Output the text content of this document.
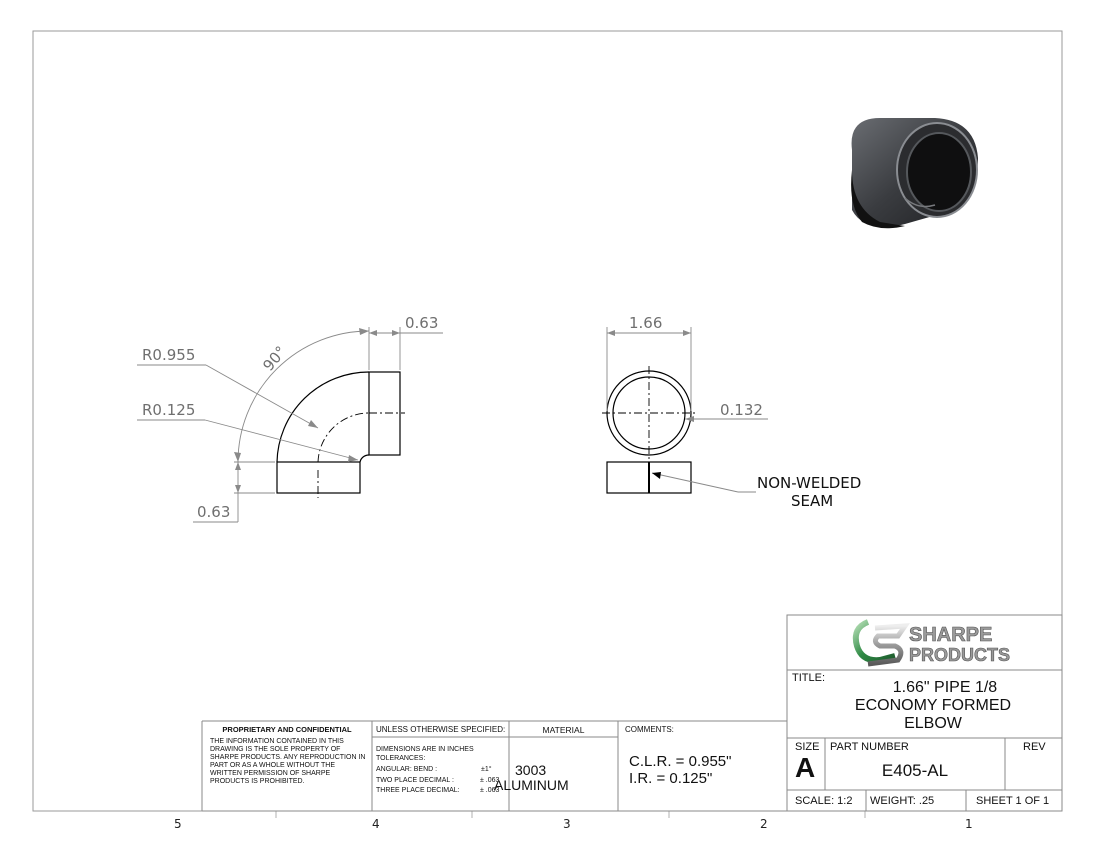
90°
0.63
0.63
R0.955
R0.125
1.66
0.132
NON-WELDED
SEAM
SHARPE
PRODUCTS
5	4	3	2	1
PROPRIETARY AND CONFIDENTIAL
THE INFORMATION CONTAINED IN THIS DRAWING IS THE SOLE PROPERTY OF SHARPE PRODUCTS. ANY REPRODUCTION IN PART OR AS A WHOLE WITHOUT THE WRITTEN PERMISSION OF SHARPE PRODUCTS IS PROHIBITED.
UNLESS OTHERWISE SPECIFIED:
DIMENSIONS ARE IN INCHES
TOLERANCES:
ANGULAR: BEND :	±1°
TWO PLACE DECIMAL :	± .063
THREE PLACE DECIMAL:	± .063
MATERIAL
3003
ALUMINUM
COMMENTS:
C.L.R. = 0.955"
I.R. = 0.125"
TITLE:
1.66" PIPE 1/8
ECONOMY FORMED
ELBOW
SIZE
A
PART NUMBER
E405-AL
REV
SCALE: 1:2 WEIGHT: .25	SHEET 1 OF 1
